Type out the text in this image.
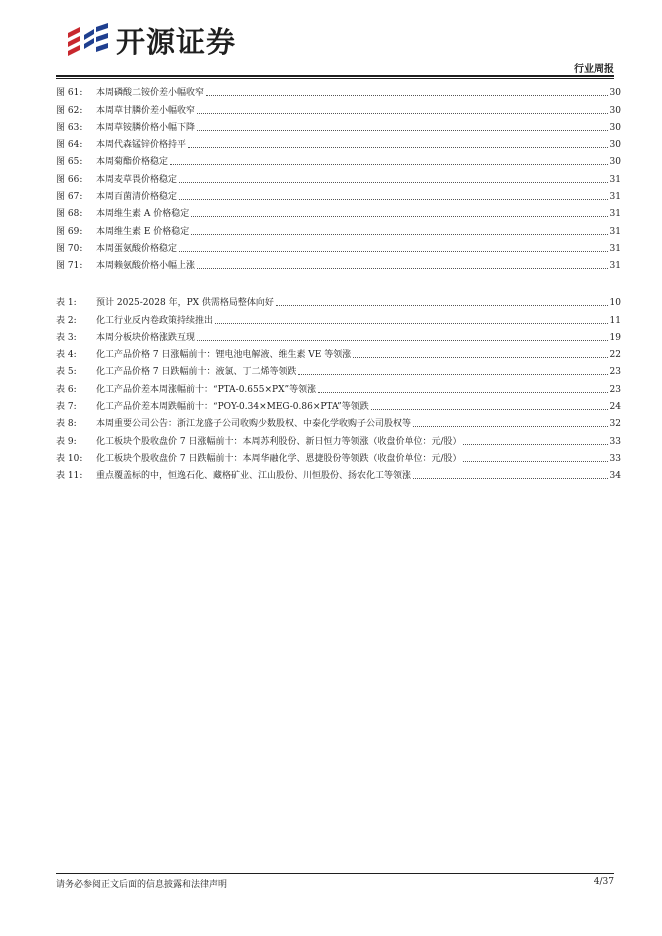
开源证券
行业周报
图 61:	本周磷酸二铵价差小幅收窄	30
图 62:	本周草甘膦价差小幅收窄	30
图 63:	本周草铵膦价格小幅下降	30
图 64:	本周代森锰锌价格持平	30
图 65:	本周菊酯价格稳定	30
图 66:	本周麦草畏价格稳定	31
图 67:	本周百菌清价格稳定	31
图 68:	本周维生素 A 价格稳定	31
图 69:	本周维生素 E 价格稳定	31
图 70:	本周蛋氨酸价格稳定	31
图 71:	本周赖氨酸价格小幅上涨	31
表 1:	预计 2025-2028 年，PX 供需格局整体向好	10
表 2:	化工行业反内卷政策持续推出	11
表 3:	本周分板块价格涨跌互现	19
表 4:	化工产品价格 7 日涨幅前十：锂电池电解液、维生素 VE 等领涨	22
表 5:	化工产品价格 7 日跌幅前十：液氯、丁二烯等领跌	23
表 6:	化工产品价差本周涨幅前十：“PTA-0.655×PX”等领涨	23
表 7:	化工产品价差本周跌幅前十：“POY-0.34×MEG-0.86×PTA”等领跌	24
表 8:	本周重要公司公告：浙江龙盛子公司收购少数股权、中泰化学收购子公司股权等	32
表 9:	化工板块个股收盘价 7 日涨幅前十：本周苏利股份、新日恒力等领涨（收盘价单位：元/股）	33
表 10:	化工板块个股收盘价 7 日跌幅前十：本周华融化学、恩捷股份等领跌（收盘价单位：元/股）	33
表 11:	重点覆盖标的中，恒逸石化、藏格矿业、江山股份、川恒股份、扬农化工等领涨	34
请务必参阅正文后面的信息披露和法律声明	4/37
